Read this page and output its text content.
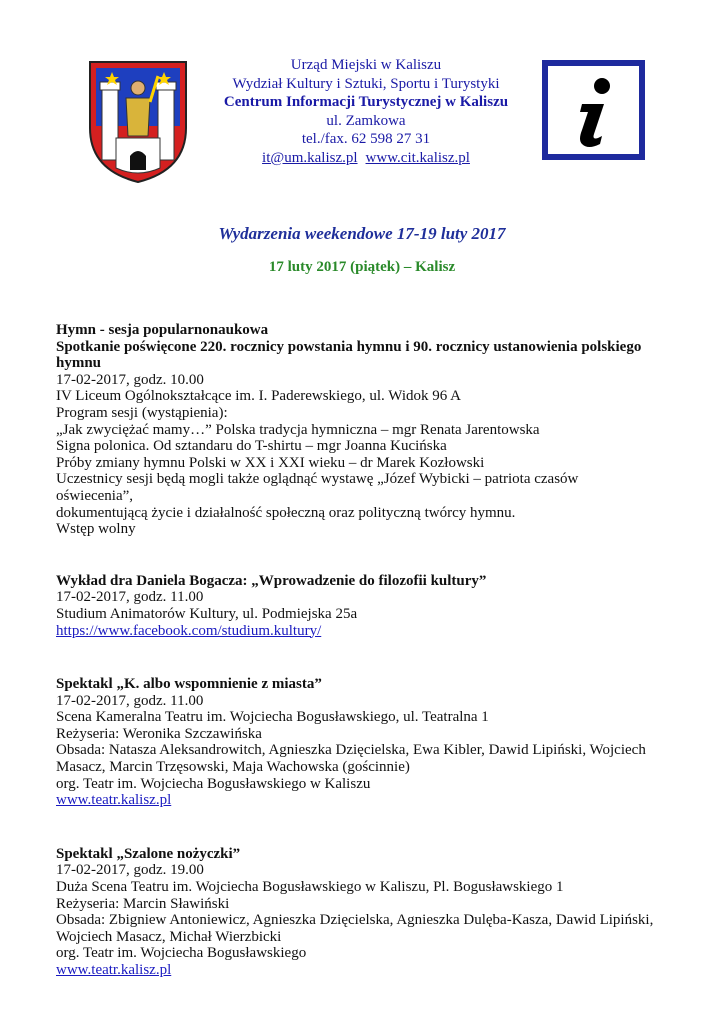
Urząd Miejski w Kaliszu
Wydział Kultury i Sztuki, Sportu i Turystyki
Centrum Informacji Turystycznej w Kaliszu
ul. Zamkowa
tel./fax. 62 598 27 31
it@um.kalisz.pl www.cit.kalisz.pl
Wydarzenia weekendowe 17-19 luty 2017
17 luty 2017 (piątek) – Kalisz
Hymn - sesja popularnonaukowa
Spotkanie poświęcone 220. rocznicy powstania hymnu i 90. rocznicy ustanowienia polskiego
hymnu
17-02-2017, godz. 10.00
IV Liceum Ogólnokształcące im. I. Paderewskiego, ul. Widok 96 A
Program sesji (wystąpienia):
„Jak zwyciężać mamy…” Polska tradycja hymniczna – mgr Renata Jarentowska
Signa polonica. Od sztandaru do T-shirtu – mgr Joanna Kucińska
Próby zmiany hymnu Polski w XX i XXI wieku – dr Marek Kozłowski
Uczestnicy sesji będą mogli także oglądnąć wystawę „Józef Wybicki – patriota czasów oświecenia”,
dokumentującą życie i działalność społeczną oraz polityczną twórcy hymnu.
Wstęp wolny
Wykład dra Daniela Bogacza: „Wprowadzenie do filozofii kultury”
17-02-2017, godz. 11.00
Studium Animatorów Kultury, ul. Podmiejska 25a
https://www.facebook.com/studium.kultury/
Spektakl „K. albo wspomnienie z miasta”
17-02-2017, godz. 11.00
Scena Kameralna Teatru im. Wojciecha Bogusławskiego, ul. Teatralna 1
Reżyseria: Weronika Szczawińska
Obsada: Natasza Aleksandrowitch, Agnieszka Dzięcielska, Ewa Kibler, Dawid Lipiński, Wojciech
Masacz, Marcin Trzęsowski, Maja Wachowska (gościnnie)
org. Teatr im. Wojciecha Bogusławskiego w Kaliszu
www.teatr.kalisz.pl
Spektakl „Szalone nożyczki”
17-02-2017, godz. 19.00
Duża Scena Teatru im. Wojciecha Bogusławskiego w Kaliszu, Pl. Bogusławskiego 1
Reżyseria: Marcin Sławiński
Obsada: Zbigniew Antoniewicz, Agnieszka Dzięcielska, Agnieszka Dulęba-Kasza, Dawid Lipiński,
Wojciech Masacz, Michał Wierzbicki
org. Teatr im. Wojciecha Bogusławskiego
www.teatr.kalisz.pl
